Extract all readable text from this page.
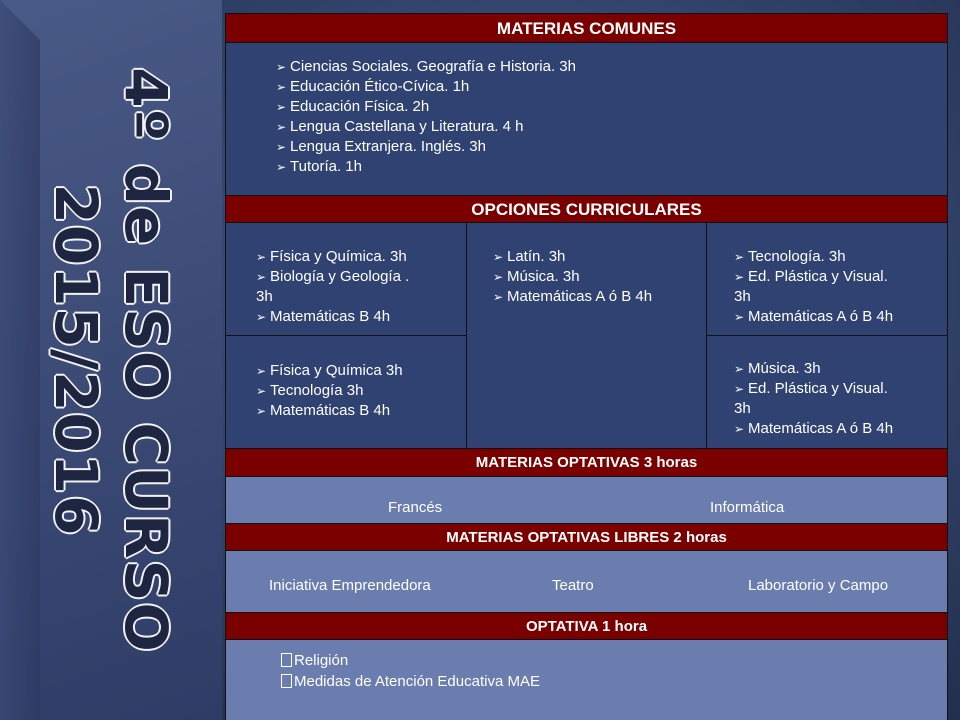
4º de ESO CURSO
2015/2016
MATERIAS COMUNES
➢ Ciencias Sociales. Geografía e Historia. 3h
➢ Educación Ético-Cívica. 1h
➢ Educación Física. 2h
➢ Lengua Castellana y Literatura. 4 h
➢ Lengua Extranjera. Inglés. 3h
➢ Tutoría. 1h
OPCIONES CURRICULARES
➢ Física y Química. 3h
➢ Biología y Geología .
3h
➢ Matemáticas B 4h
➢ Física y Química 3h
➢ Tecnología 3h
➢ Matemáticas B 4h
➢ Latín. 3h
➢ Música. 3h
➢ Matemáticas A ó B 4h
➢ Tecnología. 3h
➢ Ed. Plástica y Visual.
3h
➢ Matemáticas A ó B 4h
➢ Música. 3h
➢ Ed. Plástica y Visual.
3h
➢ Matemáticas A ó B 4h
MATERIAS OPTATIVAS 3 horas
Francés	Informática
MATERIAS OPTATIVAS LIBRES 2 horas
Iniciativa Emprendedora	Teatro	Laboratorio y Campo
OPTATIVA 1 hora
Religión
Medidas de Atención Educativa MAE
